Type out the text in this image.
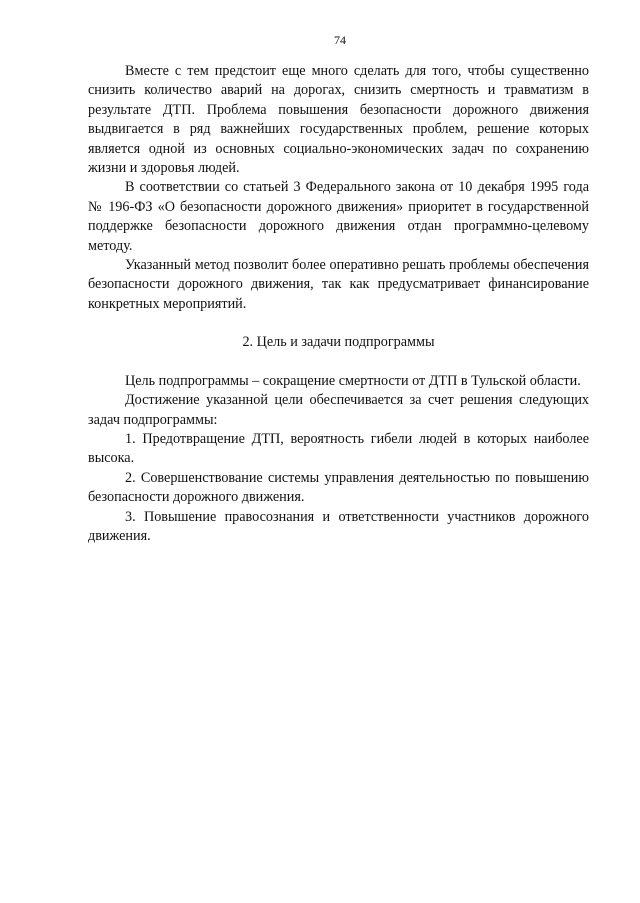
74

Вместе с тем предстоит еще много сделать для того, чтобы существенно снизить количество аварий на дорогах, снизить смертность и травматизм в результате ДТП. Проблема повышения безопасности дорожного движения выдвигается в ряд важнейших государственных проблем, решение которых является одной из основных социально-экономических задач по сохранению жизни и здоровья людей.

В соответствии со статьей 3 Федерального закона от 10 декабря 1995 года № 196-ФЗ «О безопасности дорожного движения» приоритет в государственной поддержке безопасности дорожного движения отдан программно-целевому методу.

Указанный метод позволит более оперативно решать проблемы обеспечения безопасности дорожного движения, так как предусматривает финансирование конкретных мероприятий.

2. Цель и задачи подпрограммы

Цель подпрограммы – сокращение смертности от ДТП в Тульской области.

Достижение указанной цели обеспечивается за счет решения следующих задач подпрограммы:

1. Предотвращение ДТП, вероятность гибели людей в которых наиболее высока.

2. Совершенствование системы управления деятельностью по повышению безопасности дорожного движения.

3. Повышение правосознания и ответственности участников дорожного движения.
